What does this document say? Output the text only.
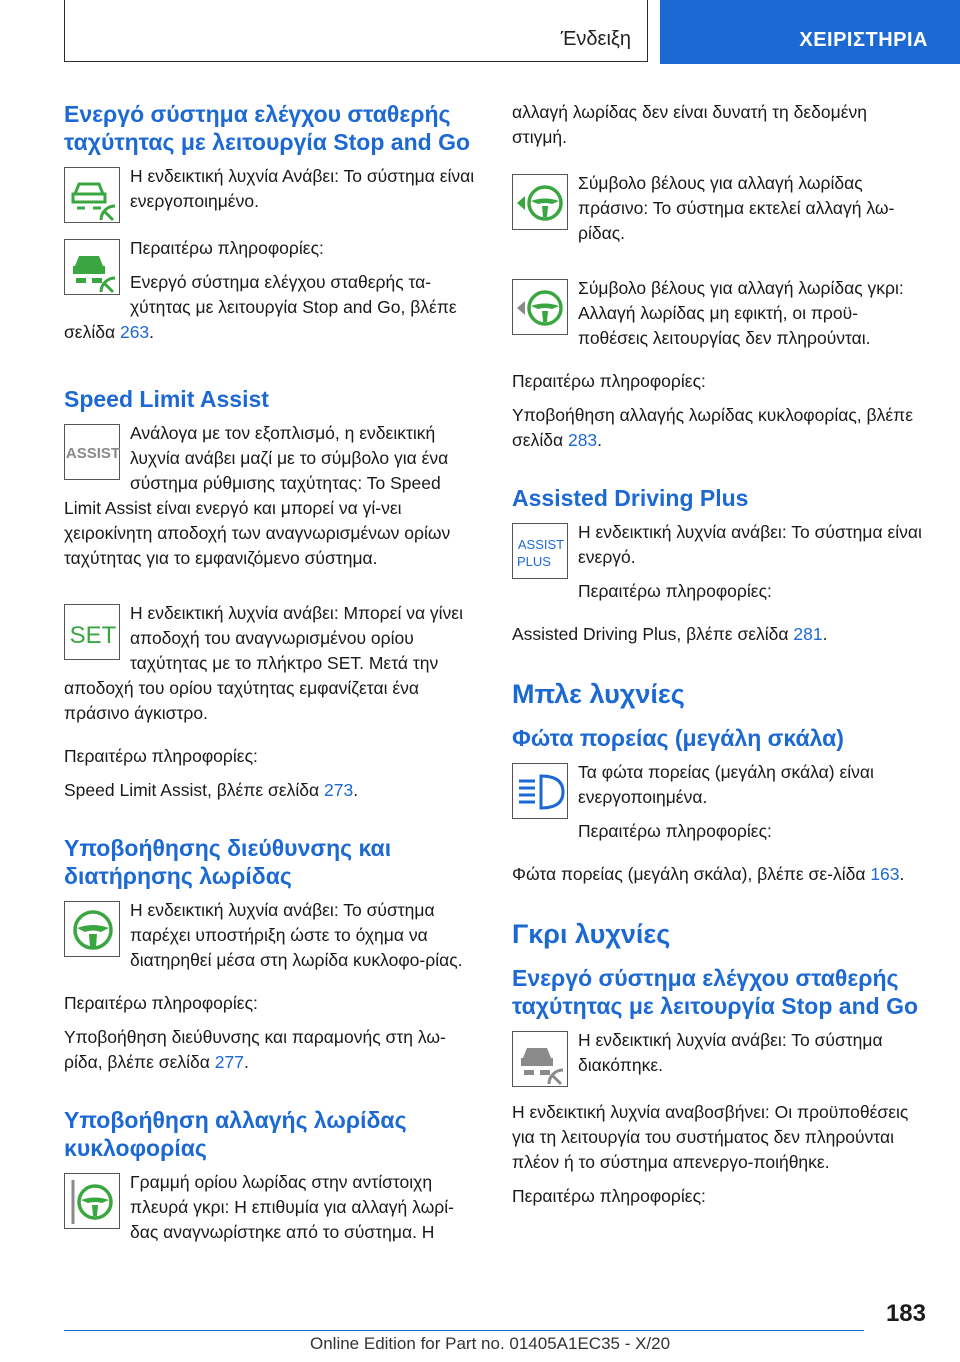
Ένδειξη	ΧΕΙΡΙΣΤΗΡΙΑ
Ενεργό σύστημα ελέγχου σταθερής ταχύτητας με λειτουργία Stop and Go

Η ενδεικτική λυχνία Ανάβει: Το σύστημα είναι ενεργοποιημένο.

Περαιτέρω πληροφορίες:

Ενεργό σύστημα ελέγχου σταθερής τα-χύτητας με λειτουργία Stop and Go, βλέπε σελίδα 263.

Speed Limit Assist
ASSIST

Ανάλογα με τον εξοπλισμό, η ενδεικτική λυχνία ανάβει μαζί με το σύμβολο για ένα σύστημα ρύθμισης ταχύτητας: Το Speed Limit Assist είναι ενεργό και μπορεί να γί-νει χειροκίνητη αποδοχή των αναγνωρισμένων ορίων ταχύτητας για το εμφανιζόμενο σύστημα.

SET

Η ενδεικτική λυχνία ανάβει: Μπορεί να γίνει αποδοχή του αναγνωρισμένου ορίου ταχύτητας με το πλήκτρο SET. Μετά την αποδοχή του ορίου ταχύτητας εμφανίζεται ένα πράσινο άγκιστρο.

Περαιτέρω πληροφορίες:

Speed Limit Assist, βλέπε σελίδα 273.

Υποβοήθησης διεύθυνσης και διατήρησης λωρίδας

Η ενδεικτική λυχνία ανάβει: Το σύστημα παρέχει υποστήριξη ώστε το όχημα να διατηρηθεί μέσα στη λωρίδα κυκλοφο-ρίας.

Περαιτέρω πληροφορίες:

Υποβοήθηση διεύθυνσης και παραμονής στη λω-ρίδα, βλέπε σελίδα 277.

Υποβοήθηση αλλαγής λωρίδας κυκλοφορίας

Γραμμή ορίου λωρίδας στην αντίστοιχη πλευρά γκρι: Η επιθυμία για αλλαγή λωρί-δας αναγνωρίστηκε από το σύστημα. Η

αλλαγή λωρίδας δεν είναι δυνατή τη δεδομένη στιγμή.

Σύμβολο βέλους για αλλαγή λωρίδας πράσινο: Το σύστημα εκτελεί αλλαγή λω-ρίδας.

Σύμβολο βέλους για αλλαγή λωρίδας γκρι: Αλλαγή λωρίδας μη εφικτή, οι προϋ-ποθέσεις λειτουργίας δεν πληρούνται.

Περαιτέρω πληροφορίες:

Υποβοήθηση αλλαγής λωρίδας κυκλοφορίας, βλέπε σελίδα 283.

Assisted Driving Plus
ASSIST
PLUS

Η ενδεικτική λυχνία ανάβει: Το σύστημα είναι ενεργό.

Περαιτέρω πληροφορίες:

Assisted Driving Plus, βλέπε σελίδα 281.

Μπλε λυχνίες
Φώτα πορείας (μεγάλη σκάλα)

Τα φώτα πορείας (μεγάλη σκάλα) είναι ενεργοποιημένα.

Περαιτέρω πληροφορίες:

Φώτα πορείας (μεγάλη σκάλα), βλέπε σε-λίδα 163.

Γκρι λυχνίες
Ενεργό σύστημα ελέγχου σταθερής ταχύτητας με λειτουργία Stop and Go

Η ενδεικτική λυχνία ανάβει: Το σύστημα διακόπηκε.

Η ενδεικτική λυχνία αναβοσβήνει: Οι προϋποθέσεις για τη λειτουργία του συστήματος δεν πληρούνται πλέον ή το σύστημα απενεργο-ποιήθηκε.

Περαιτέρω πληροφορίες:

183
Online Edition for Part no. 01405A1EC35 - X/20
